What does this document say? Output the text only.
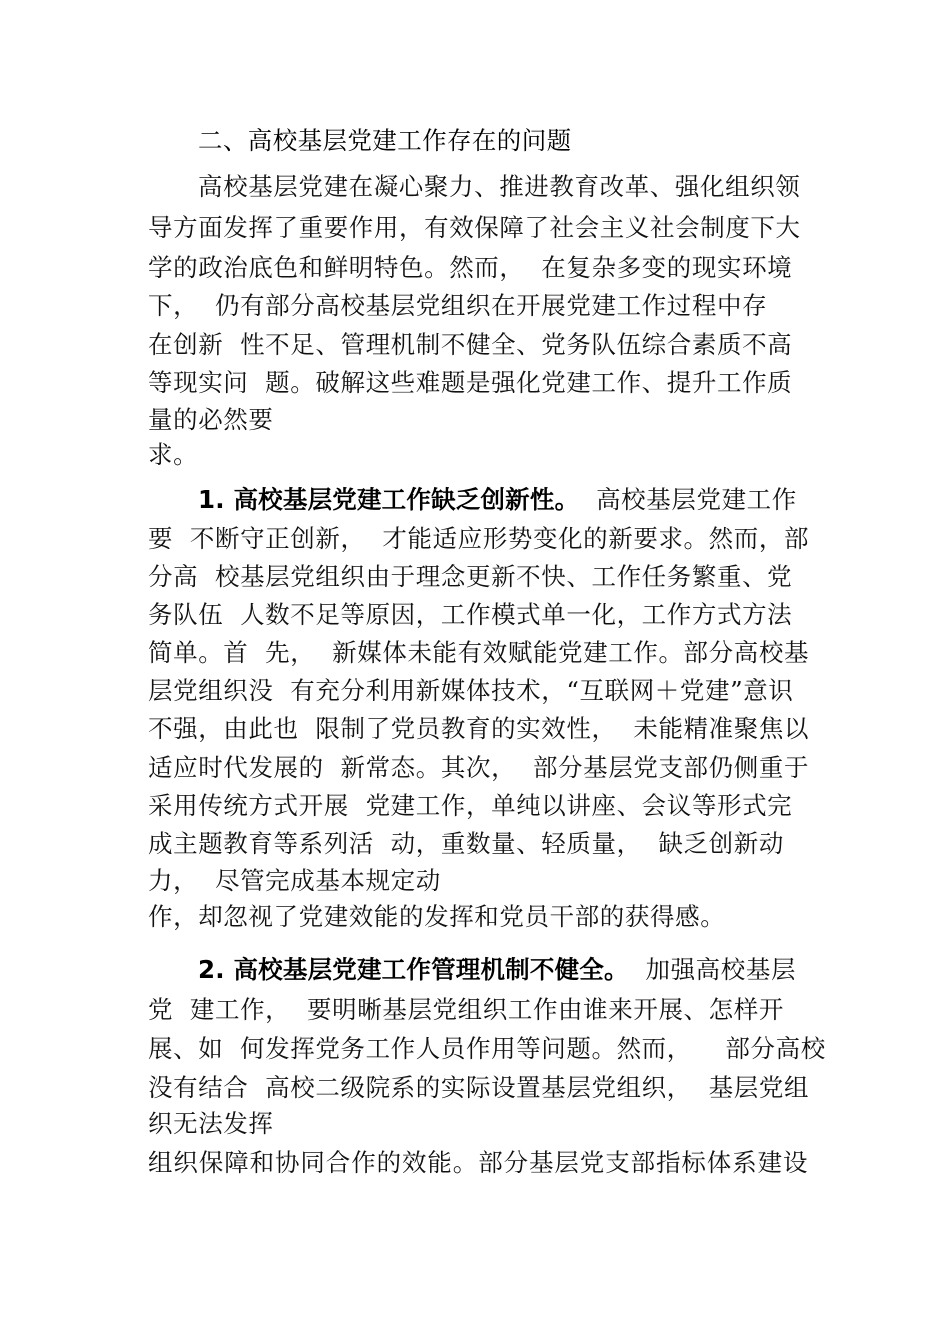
二、高校基层党建工作存在的问题
高校基层党建在凝心聚力、推进教育改革、强化组织领
导方面发挥了重要作用，有效保障了社会主义社会制度下大
学的政治底色和鲜明特色。然而，  在复杂多变的现实环境
下，  仍有部分高校基层党组织在开展党建工作过程中存
在创新  性不足、管理机制不健全、党务队伍综合素质不高
等现实问  题。破解这些难题是强化党建工作、提升工作质
量的必然要
求。
1. 高校基层党建工作缺乏创新性。  高校基层党建工作
要  不断守正创新，  才能适应形势变化的新要求。然而，部
分高  校基层党组织由于理念更新不快、工作任务繁重、党
务队伍  人数不足等原因，工作模式单一化，工作方式方法
简单。首  先，  新媒体未能有效赋能党建工作。部分高校基
层党组织没  有充分利用新媒体技术，“互联网＋党建”意识
不强，由此也  限制了党员教育的实效性，  未能精准聚焦以
适应时代发展的  新常态。其次，  部分基层党支部仍侧重于
采用传统方式开展  党建工作，单纯以讲座、会议等形式完
成主题教育等系列活  动，重数量、轻质量，  缺乏创新动
力，  尽管完成基本规定动
作，却忽视了党建效能的发挥和党员干部的获得感。
2. 高校基层党建工作管理机制不健全。  加强高校基层
党  建工作，  要明晰基层党组织工作由谁来开展、怎样开
展、如  何发挥党务工作人员作用等问题。然而，    部分高校
没有结合  高校二级院系的实际设置基层党组织，  基层党组
织无法发挥
组织保障和协同合作的效能。部分基层党支部指标体系建设
